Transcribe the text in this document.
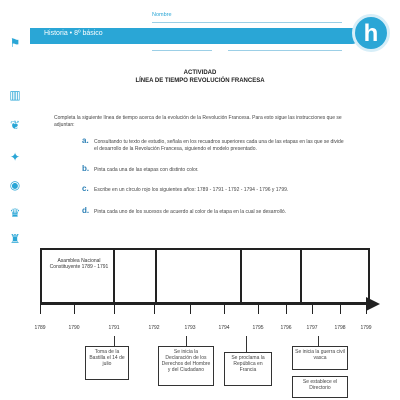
⚑
▥
❦
✦
◉
♛
♜
Historia • 8º básico
Nombre
curso	fecha	h
ACTIVIDAD
LÍNEA DE TIEMPO REVOLUCIÓN FRANCESA
Completa la siguiente línea de tiempo acerca de la evolución de la Revolución Francesa. Para esto sigue las instrucciones que se adjuntan:
a. Consultando tu texto de estudio, señala en los recuadros superiores cada una de las etapas en las que se divide el desarrollo de la Revolución Francesa, siguiendo el modelo presentado.
b. Pinta cada una de las etapas con distinto color.
c. Escribe en un círculo rojo los siguientes años: 1789 - 1791 - 1792 - 1794 - 1796 y 1799.
d. Pinta cada uno de los sucesos de acuerdo al color de la etapa en la cual se desarrolló.
Asamblea Nacional Constituyente 1789 - 1791
1789	1790	1791	1792	1793	1794	1795	1796	1797	1798	1799
Toma de la Bastilla el 14 de julio
Se inicia la Declaración de los Derechos del Hombre y del Ciudadano
Se proclama la República en Francia
Se inicia la guerra civil vasca
Se establece el Directorio
